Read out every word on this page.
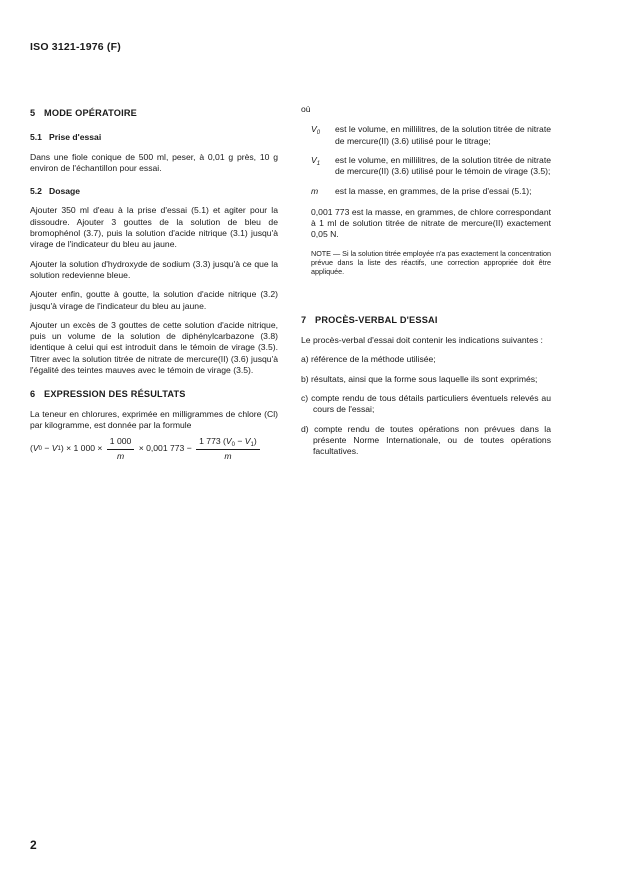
ISO 3121-1976 (F)
5 MODE OPÉRATOIRE
5.1 Prise d'essai

Dans une fiole conique de 500 ml, peser, à 0,01 g près, 10 g environ de l'échantillon pour essai.

5.2 Dosage

Ajouter 350 ml d'eau à la prise d'essai (5.1) et agiter pour la dissoudre. Ajouter 3 gouttes de la solution de bleu de bromophénol (3.7), puis la solution d'acide nitrique (3.1) jusqu'à virage de l'indicateur du bleu au jaune.

Ajouter la solution d'hydroxyde de sodium (3.3) jusqu'à ce que la solution redevienne bleue.

Ajouter enfin, goutte à goutte, la solution d'acide nitrique (3.2) jusqu'à virage de l'indicateur du bleu au jaune.

Ajouter un excès de 3 gouttes de cette solution d'acide nitrique, puis un volume de la solution de diphénylcarbazone (3.8) identique à celui qui est introduit dans le témoin de virage (3.5). Titrer avec la solution titrée de nitrate de mercure(II) (3.6) jusqu'à l'égalité des teintes mauves avec le témoin de virage (3.5).

6 EXPRESSION DES RÉSULTATS

La teneur en chlorures, exprimée en milligrammes de chlore (Cl) par kilogramme, est donnée par la formule

( V 0 − V 1 ) × 1 $000 \times \frac{1 000}{m} \times 0,001$ $773 - \frac{1 773 (V_0 - V_1)}{m}$
où
$V_0$	est le volume, en millilitres, de la solution titrée de nitrate de mercure(II) (3.6) utilisé pour le titrage;
$V_1$	est le volume, en millilitres, de la solution titrée de nitrate de mercure(II) (3.6) utilisé pour le témoin de virage (3.5);
m	est la masse, en grammes, de la prise d'essai (5.1);

0,001 773 est la masse, en grammes, de chlore correspondant à 1 ml de solution titrée de nitrate de mercure(II) exactement 0,05 N.

NOTE — Si la solution titrée employée n'a pas exactement la concentration prévue dans la liste des réactifs, une correction appropriée doit être appliquée.

7 PROCÈS-VERBAL D'ESSAI

Le procès-verbal d'essai doit contenir les indications suivantes :

a) référence de la méthode utilisée;

b) résultats, ainsi que la forme sous laquelle ils sont exprimés;

c) compte rendu de tous détails particuliers éventuels relevés au cours de l'essai;

d) compte rendu de toutes opérations non prévues dans la présente Norme Internationale, ou de toutes opérations facultatives.

2
